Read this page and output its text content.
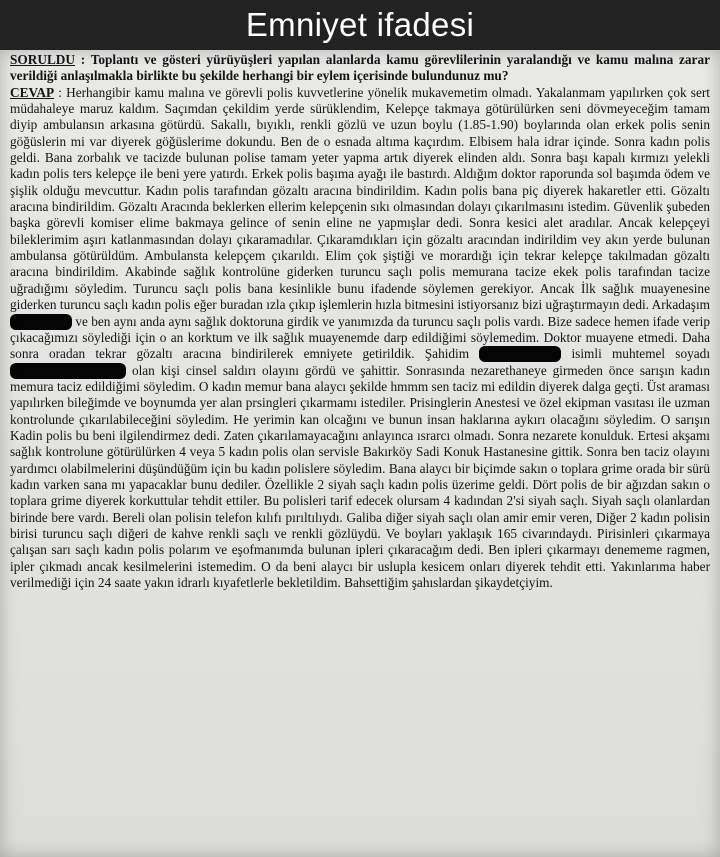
Emniyet ifadesi

SORULDU : Toplantı ve gösteri yürüyüşleri yapılan alanlarda kamu görevlilerinin yaralandığı ve kamu malına zarar verildiği anlaşılmakla birlikte bu şekilde herhangi bir eylem içerisinde bulundunuz mu?

CEVAP : Herhangibir kamu malına ve görevli polis kuvvetlerine yönelik mukavemetim olmadı. Yakalanmam yapılırken çok sert müdahaleye maruz kaldım. Saçımdan çekildim yerde sürüklendim, Kelepçe takmaya götürülürken seni dövmeyeceğim tamam diyip ambulansın arkasına götürdü. Sakallı, bıyıklı, renkli gözlü ve uzun boylu (1.85-1.90) boylarında olan erkek polis senin göğüslerin mi var diyerek göğüslerime dokundu. Ben de o esnada altıma kaçırdım. Elbisem hala idrar içinde. Sonra kadın polis geldi. Bana zorbalık ve tacizde bulunan polise tamam yeter yapma artık diyerek elinden aldı. Sonra başı kapalı kırmızı yelekli kadın polis ters kelepçe ile beni yere yatırdı. Erkek polis başıma ayağı ile bastırdı. Aldığım doktor raporunda sol başımda ödem ve şişlik olduğu mevcuttur. Kadın polis tarafından gözaltı aracına bindirildim. Kadın polis bana piç diyerek hakaretler etti. Gözaltı aracına bindirildim. Gözaltı Aracında beklerken ellerim kelepçenin sıkı olmasından dolayı çıkarılmasını istedim. Güvenlik şubeden başka görevli komiser elime bakmaya gelince of senin eline ne yapmışlar dedi. Sonra kesici alet aradılar. Ancak kelepçeyi bileklerimim aşırı katlanmasından dolayı çıkaramadılar. Çıkaramdıkları için gözaltı aracından indirildim vey akın yerde bulunan ambulansa götürüldüm. Ambulansta kelepçem çıkarıldı. Elim çok şiştiği ve morardığı için tekrar kelepçe takılmadan gözaltı aracına bindirildim. Akabinde sağlık kontrolüne giderken turuncu saçlı polis memurana tacize ekek polis tarafından tacize uğradığımı söyledim. Turuncu saçlı polis bana kesinlikle bunu ifadende söylemen gerekiyor. Ancak İlk sağlık muayenesine giderken turuncu saçlı kadın polis eğer buradan ızla çıkıp işlemlerin hızla bitmesini istiyorsanız bizi uğraştırmayın dedi. Arkadaşım  ve ben aynı anda aynı sağlık doktoruna girdik ve yanımızda da turuncu saçlı polis vardı. Bize sadece hemen ifade verip çıkacağımızı söylediği için o an korktum ve ilk sağlık muayenemde darp edildiğimi söylemedim. Doktor muayene etmedi. Daha sonra oradan tekrar gözaltı aracına bindirilerek emniyete getirildik. Şahidim	isimli muhtemel soyadı  olan kişi cinsel saldırı olayını gördü ve şahittir. Sonrasında nezarethaneye girmeden önce sarışın kadın memura taciz edildiğimi söyledim. O kadın memur bana alaycı şekilde hmmm sen taciz mi edildin diyerek dalga geçti. Üst araması yapılırken bileğimde ve boynumda yer alan prsingleri çıkarmamı istediler. Prisinglerin Anestesi ve özel ekipman vasıtası ile uzman kontrolunde çıkarılabileceğini söyledim. He yerimin kan olcağını ve bunun insan haklarına aykırı olacağını söyledim. O sarışın Kadin polis bu beni ilgilendirmez dedi. Zaten çıkarılamayacağını anlayınca ısrarcı olmadı. Sonra nezarete konulduk. Ertesi akşamı sağlık kontrolune götürülürken 4 veya 5 kadın polis olan servisle Bakırköy Sadi Konuk Hastanesine gittik. Sonra ben taciz olayını yardımcı olabilmelerini düşündüğüm için bu kadın polislere söyledim. Bana alaycı bir biçimde sakın o toplara grime orada bir sürü kadın varken sana mı yapacaklar bunu dediler. Özellikle 2 siyah saçlı kadın polis üzerime geldi. Dört polis de bir ağızdan sakın o toplara grime diyerek korkuttular tehdit ettiler. Bu polisleri tarif edecek olursam 4 kadından 2'si siyah saçlı. Siyah saçlı olanlardan birinde bere vardı. Bereli olan polisin telefon kılıfı pırıltılıydı. Galiba diğer siyah saçlı olan amir emir veren, Diğer 2 kadın polisin birisi turuncu saçlı diğeri de kahve renkli saçlı ve renkli gözlüydü. Ve boyları yaklaşık 165 civarındaydı. Pirisinleri çıkarmaya çalışan sarı saçlı kadın polis polarım ve eşofmanımda bulunan ipleri çıkaracağım dedi. Ben ipleri çıkarmayı denememe ragmen, ipler çıkmadı ancak kesilmelerini istemedim. O da beni alaycı bir uslupla kesicem onları diyerek tehdit etti. Yakınlarıma haber verilmediği için 24 saate yakın idrarlı kıyafetlerle bekletildim. Bahsettiğim şahıslardan şikaydetçiyim.
